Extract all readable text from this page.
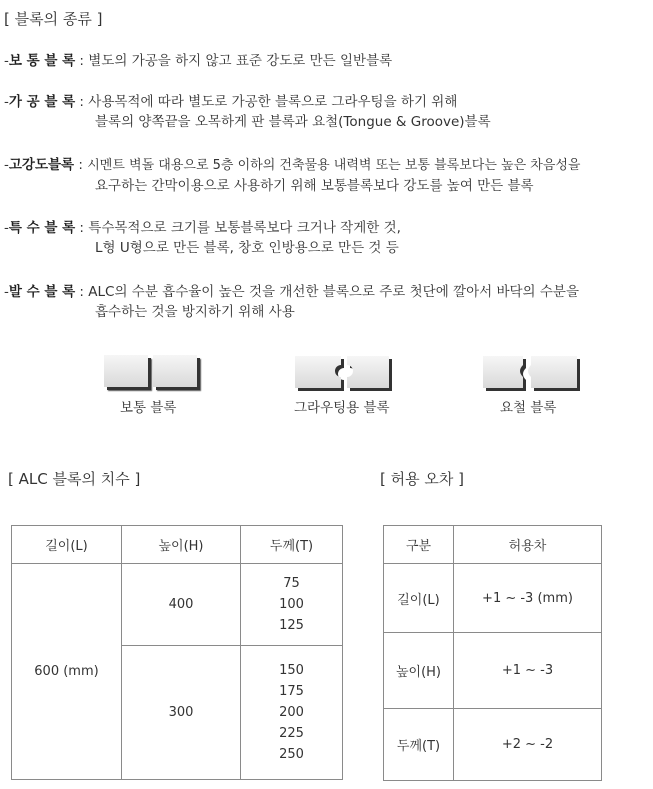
[ 블록의 종류 ]
-보 통 블 록 : 별도의 가공을 하지 않고 표준 강도로 만든 일반블록
-가 공 블 록 : 사용목적에 따라 별도로 가공한 블록으로 그라우팅을 하기 위해
블록의 양쪽끝을 오목하게 판 블록과 요철(Tongue & Groove)블록
-고강도블록 : 시멘트 벽돌 대용으로 5층 이하의 건축물용 내력벽 또는 보통 블록보다는 높은 차음성을
요구하는 간막이용으로 사용하기 위해 보통블록보다 강도를 높여 만든 블록
-특 수 블 록 : 특수목적으로 크기를 보통블록보다 크거나 작게한 것,
L형 U형으로 만든 블록, 창호 인방용으로 만든 것 등
-발 수 블 록 : ALC의 수분 흡수율이 높은 것을 개선한 블록으로 주로 첫단에 깔아서 바닥의 수분을
흡수하는 것을 방지하기 위해 사용
보통 블록	그라우팅용 블록	요철 블록
[ ALC 블록의 치수 ]
길이(L)	높이(H)	두께(T)
600 (mm)	400	75
100
125

	300	150
175
200
225
250
[ 허용 오차 ]
구분	허용차
길이(L)	+1 ~ -3 (mm)
높이(H)	+1 ~ -3
두께(T)	+2 ~ -2
